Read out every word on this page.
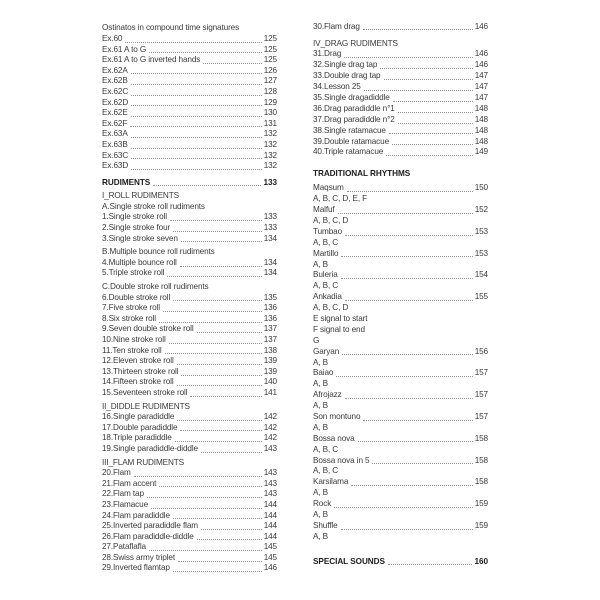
Ostinatos in compound time signatures
Ex.60	125
Ex.61 A to G	125
Ex.61 A to G inverted hands	125
Ex.62A	126
Ex.62B	127
Ex.62C	128
Ex.62D	129
Ex.62E	130
Ex.62F	131
Ex.63A	132
Ex.63B	132
Ex.63C	132
Ex.63D	132
RUDIMENTS	133
I_ROLL RUDIMENTS
A.Single stroke roll rudiments
1.Single stroke roll	133
2.Single stroke four	133
3.Single stroke seven	134
B.Multiple bounce roll rudiments
4.Multiple bounce roll	134
5.Triple stroke roll	134
C.Double stroke roll rudiments
6.Double stroke roll	135
7.Five stroke roll	136
8.Six stroke roll	136
9.Seven double stroke roll	137
10.Nine stroke roll	137
11.Ten stroke roll	138
12.Eleven stroke roll	139
13.Thirteen stroke roll	139
14.Fifteen stroke roll	140
15.Seventeen stroke roll	141
II_DIDDLE RUDIMENTS
16.Single paradiddle	142
17.Double paradiddle	142
18.Triple paradiddle	142
19.Single paradiddle-diddle	143
III_FLAM RUDIMENTS
20.Flam	143
21.Flam accent	143
22.Flam tap	143
23.Flamacue	144
24.Flam paradiddle	144
25.Inverted paradiddle flam	144
26.Flam paradiddle-diddle	144
27.Pataflafla	145
28.Swiss army triplet	145
29.Inverted flamtap	146
30.Flam drag	146
IV_DRAG RUDIMENTS
31.Drag	146
32.Single drag tap	146
33.Double drag tap	147
34.Lesson 25	147
35.Single dragadiddle	147
36.Drag paradiddle n°1	148
37.Drag paradiddle n°2	148
38.Single ratamacue	148
39.Double ratamacue	148
40.Triple ratamacue	149
TRADITIONAL RHYTHMS
Maqsum	150
A, B, C, D, E, F
Malfuf	152
A, B, C, D
Tumbao	153
A, B, C
Martillo	153
A, B
Buleria	154
A, B, C
Ankadia	155
A, B, C, D
E signal to start
F signal to end
G
Garyan	156
A, B
Baiao	157
A, B
Afrojazz	157
A, B
Son montuno	157
A, B
Bossa nova	158
A, B, C
Bossa nova in 5	158
A, B, C
Karsilama	158
A, B
Rock	159
A, B
Shuffle	159
A, B
SPECIAL SOUNDS	160
